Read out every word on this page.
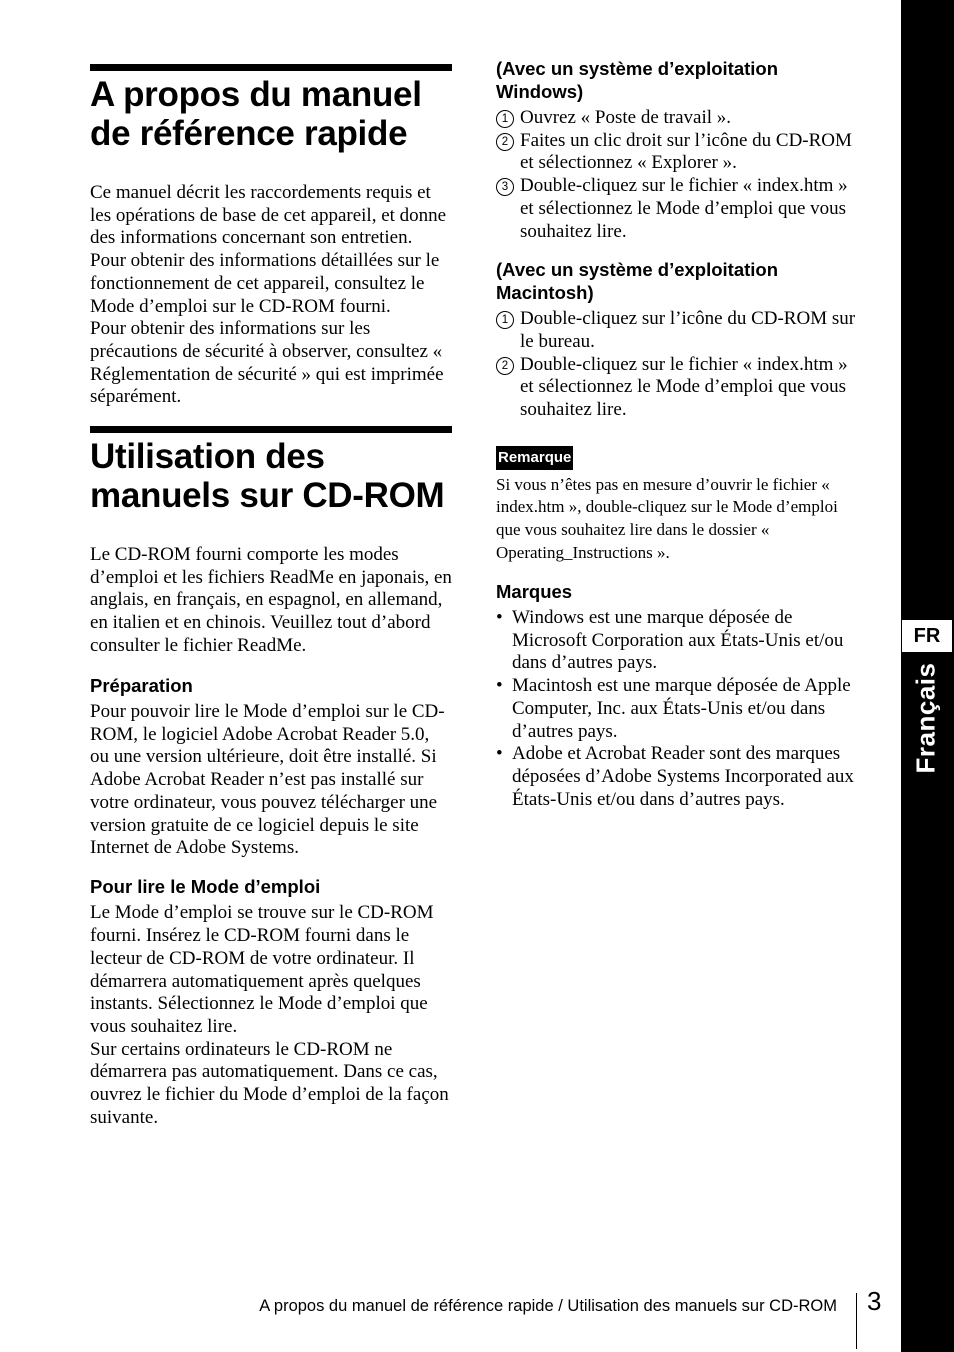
A propos du manuel de référence rapide

Ce manuel décrit les raccordements requis et les opérations de base de cet appareil, et donne des informations concernant son entretien.

Pour obtenir des informations détaillées sur le fonctionnement de cet appareil, consultez le Mode d’emploi sur le CD-ROM fourni.

Pour obtenir des informations sur les précautions de sécurité à observer, consultez « Réglementation de sécurité » qui est imprimée séparément.

Utilisation des manuels sur CD-ROM

Le CD-ROM fourni comporte les modes d’emploi et les fichiers ReadMe en japonais, en anglais, en français, en espagnol, en allemand, en italien et en chinois. Veuillez tout d’abord consulter le fichier ReadMe.

Préparation

Pour pouvoir lire le Mode d’emploi sur le CD-ROM, le logiciel Adobe Acrobat Reader 5.0, ou une version ultérieure, doit être installé. Si Adobe Acrobat Reader n’est pas installé sur votre ordinateur, vous pouvez télécharger une version gratuite de ce logiciel depuis le site Internet de Adobe Systems.

Pour lire le Mode d’emploi

Le Mode d’emploi se trouve sur le CD-ROM fourni. Insérez le CD-ROM fourni dans le lecteur de CD-ROM de votre ordinateur. Il démarrera automatiquement après quelques instants. Sélectionnez le Mode d’emploi que vous souhaitez lire.

Sur certains ordinateurs le CD-ROM ne démarrera pas automatiquement. Dans ce cas, ouvrez le fichier du Mode d’emploi de la façon suivante.

(Avec un système d’exploitation Windows)
1 Ouvrez « Poste de travail ».
2 Faites un clic droit sur l’icône du CD-ROM et sélectionnez « Explorer ».
3 Double-cliquez sur le fichier « index.htm » et sélectionnez le Mode d’emploi que vous souhaitez lire.
(Avec un système d’exploitation Macintosh)
1 Double-cliquez sur l’icône du CD-ROM sur le bureau.
2 Double-cliquez sur le fichier « index.htm » et sélectionnez le Mode d’emploi que vous souhaitez lire.
Remarque

Si vous n’êtes pas en mesure d’ouvrir le fichier « index.htm », double-cliquez sur le Mode d’emploi que vous souhaitez lire dans le dossier « Operating_Instructions ».

Marques
• Windows est une marque déposée de Microsoft Corporation aux États-Unis et/ou dans d’autres pays.
• Macintosh est une marque déposée de Apple Computer, Inc. aux États-Unis et/ou dans d’autres pays.
• Adobe et Acrobat Reader sont des marques déposées d’Adobe Systems Incorporated aux États-Unis et/ou dans d’autres pays.
FR
Français
A propos du manuel de référence rapide / Utilisation des manuels sur CD-ROM 3
